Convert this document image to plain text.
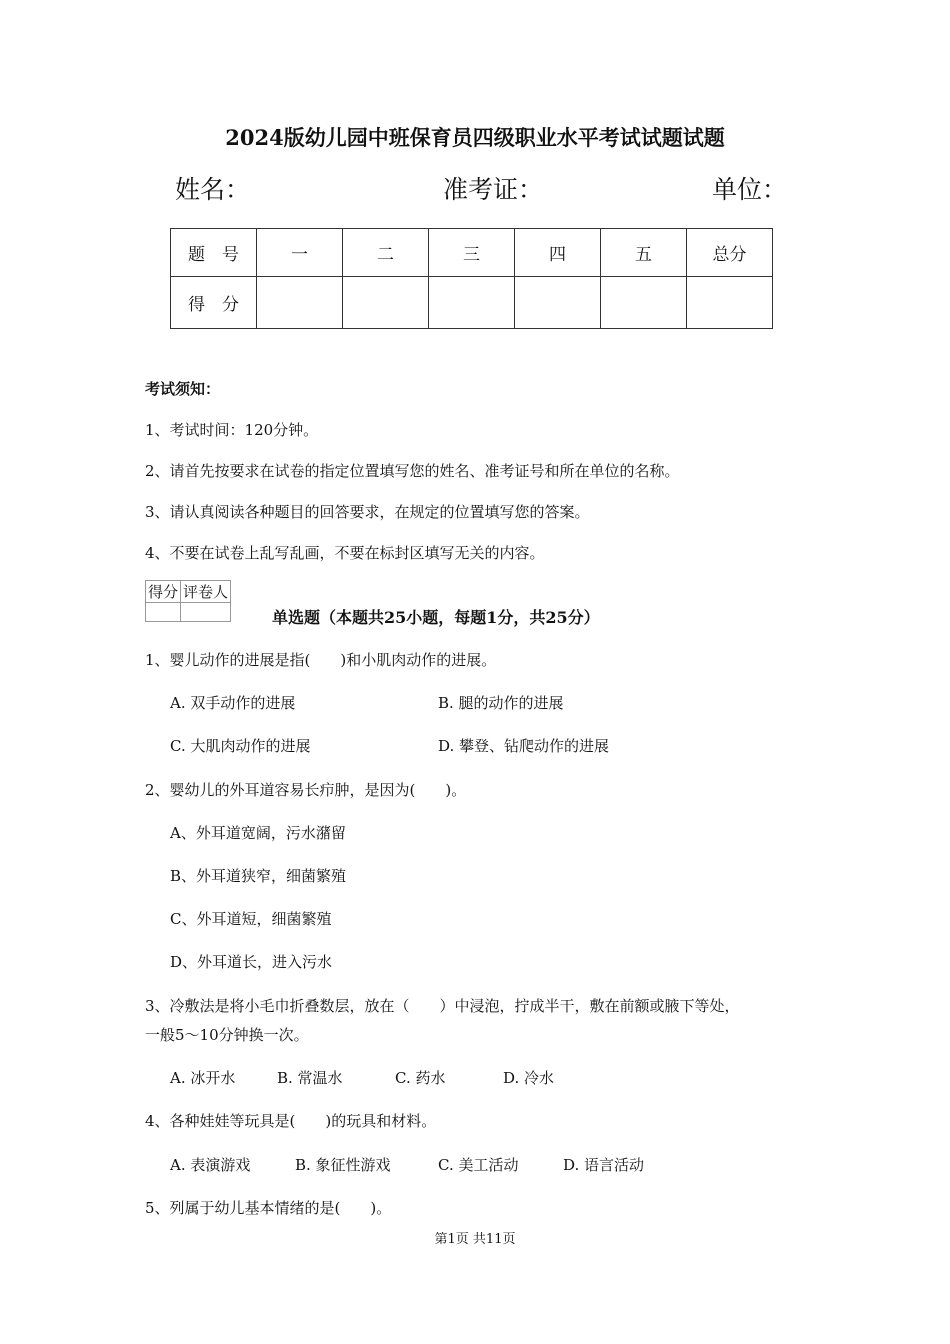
2024版幼儿园中班保育员四级职业水平考试试题试题
姓名：	准考证：	单位：
题　号	一	二	三	四	五	总分
得　分						
考试须知：
1、考试时间：120分钟。
2、请首先按要求在试卷的指定位置填写您的姓名、准考证号和所在单位的名称。
3、请认真阅读各种题目的回答要求，在规定的位置填写您的答案。
4、不要在试卷上乱写乱画，不要在标封区填写无关的内容。
得分	评卷人

单选题（本题共25小题，每题1分，共25分）
1、婴儿动作的进展是指(　　)和小肌肉动作的进展。
A. 双手动作的进展	B. 腿的动作的进展
C. 大肌肉动作的进展	D. 攀登、钻爬动作的进展
2、婴幼儿的外耳道容易长疖肿，是因为(　　)。
A、外耳道宽阔，污水潴留
B、外耳道狭窄，细菌繁殖
C、外耳道短，细菌繁殖
D、外耳道长，进入污水
3、冷敷法是将小毛巾折叠数层，放在（　　）中浸泡，拧成半干，敷在前额或腋下等处，
一般5～10分钟换一次。
A. 冰开水	B. 常温水	C. 药水	D. 冷水
4、各种娃娃等玩具是(　　)的玩具和材料。
A. 表演游戏	B. 象征性游戏	C. 美工活动	D. 语言活动
5、列属于幼儿基本情绪的是(　　)。
第1页 共11页
